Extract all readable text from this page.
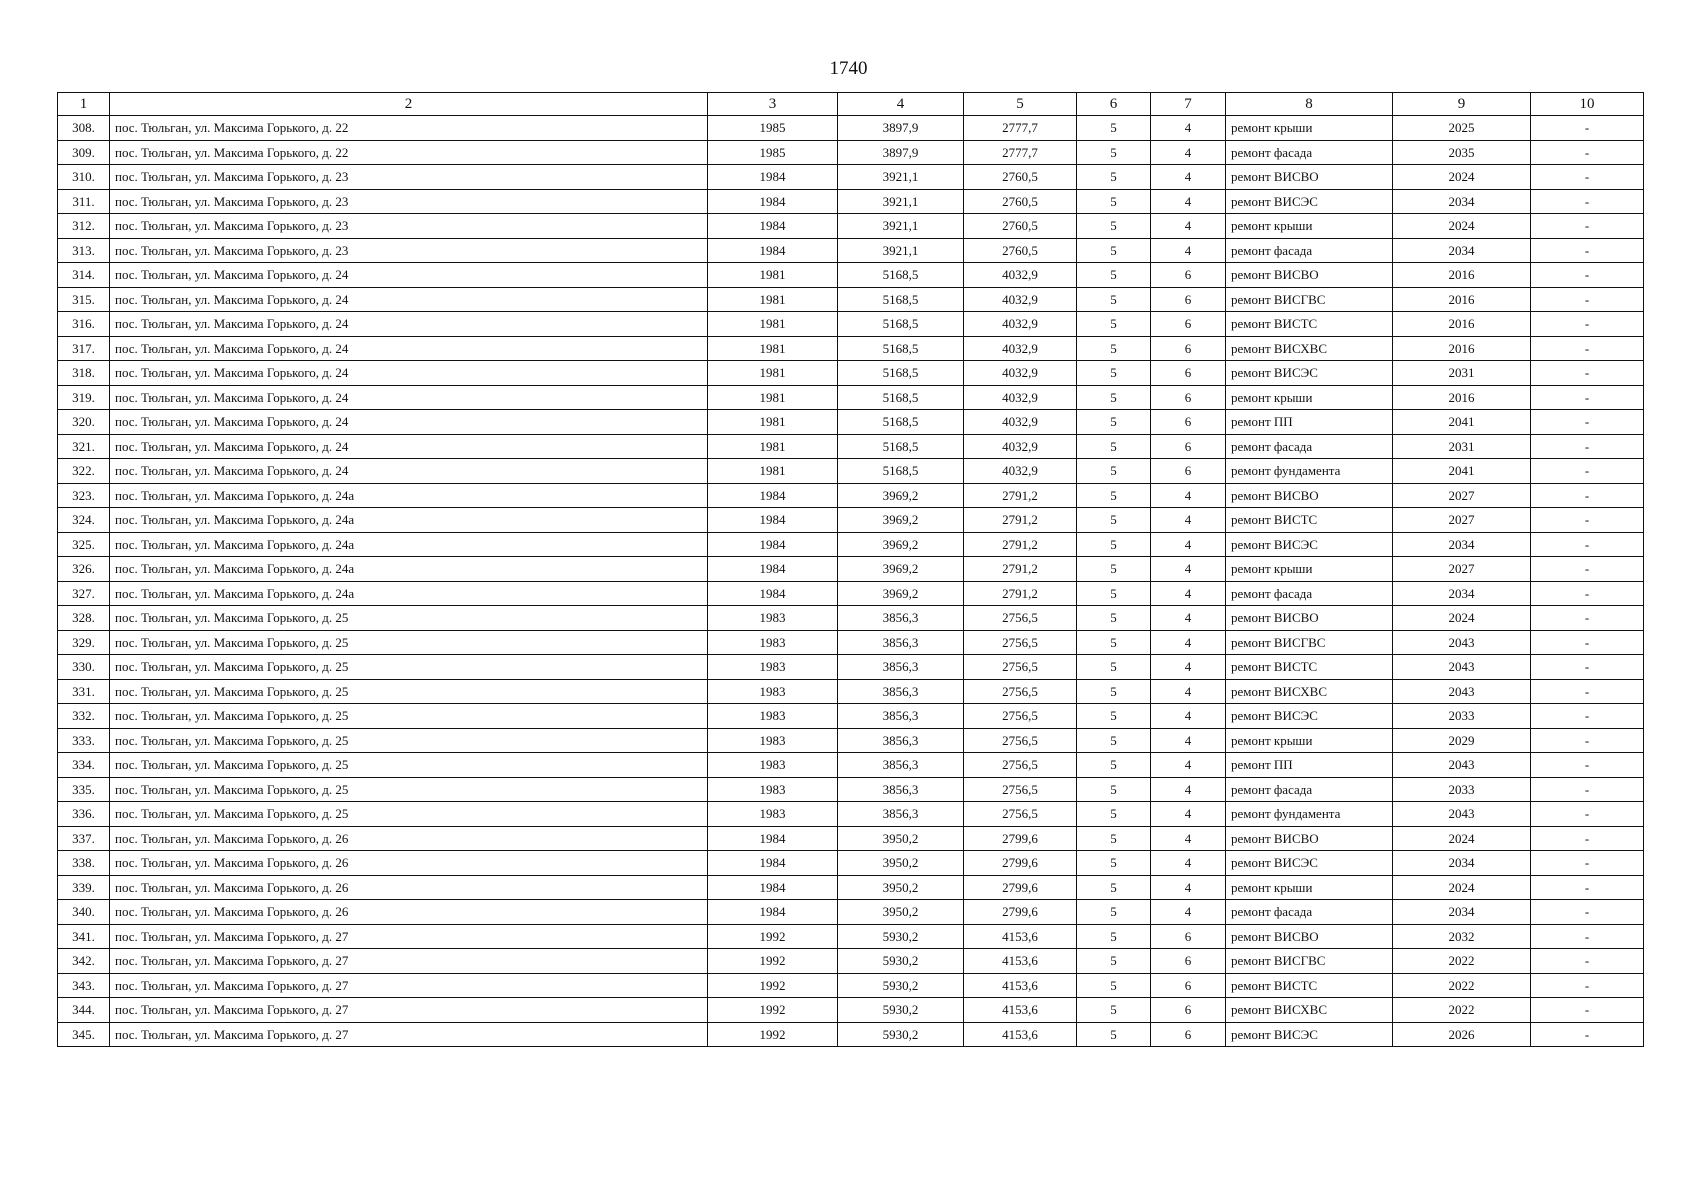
1740
1	2	3	4	5	6	7	8	9	10
308.	пос. Тюльган, ул. Максима Горького, д. 22	1985	3897,9	2777,7	5	4	ремонт крыши	2025	-
309.	пос. Тюльган, ул. Максима Горького, д. 22	1985	3897,9	2777,7	5	4	ремонт фасада	2035	-
310.	пос. Тюльган, ул. Максима Горького, д. 23	1984	3921,1	2760,5	5	4	ремонт ВИСВО	2024	-
311.	пос. Тюльган, ул. Максима Горького, д. 23	1984	3921,1	2760,5	5	4	ремонт ВИСЭС	2034	-
312.	пос. Тюльган, ул. Максима Горького, д. 23	1984	3921,1	2760,5	5	4	ремонт крыши	2024	-
313.	пос. Тюльган, ул. Максима Горького, д. 23	1984	3921,1	2760,5	5	4	ремонт фасада	2034	-
314.	пос. Тюльган, ул. Максима Горького, д. 24	1981	5168,5	4032,9	5	6	ремонт ВИСВО	2016	-
315.	пос. Тюльган, ул. Максима Горького, д. 24	1981	5168,5	4032,9	5	6	ремонт ВИСГВС	2016	-
316.	пос. Тюльган, ул. Максима Горького, д. 24	1981	5168,5	4032,9	5	6	ремонт ВИСТС	2016	-
317.	пос. Тюльган, ул. Максима Горького, д. 24	1981	5168,5	4032,9	5	6	ремонт ВИСХВС	2016	-
318.	пос. Тюльган, ул. Максима Горького, д. 24	1981	5168,5	4032,9	5	6	ремонт ВИСЭС	2031	-
319.	пос. Тюльган, ул. Максима Горького, д. 24	1981	5168,5	4032,9	5	6	ремонт крыши	2016	-
320.	пос. Тюльган, ул. Максима Горького, д. 24	1981	5168,5	4032,9	5	6	ремонт ПП	2041	-
321.	пос. Тюльган, ул. Максима Горького, д. 24	1981	5168,5	4032,9	5	6	ремонт фасада	2031	-
322.	пос. Тюльган, ул. Максима Горького, д. 24	1981	5168,5	4032,9	5	6	ремонт фундамента	2041	-
323.	пос. Тюльган, ул. Максима Горького, д. 24а	1984	3969,2	2791,2	5	4	ремонт ВИСВО	2027	-
324.	пос. Тюльган, ул. Максима Горького, д. 24а	1984	3969,2	2791,2	5	4	ремонт ВИСТС	2027	-
325.	пос. Тюльган, ул. Максима Горького, д. 24а	1984	3969,2	2791,2	5	4	ремонт ВИСЭС	2034	-
326.	пос. Тюльган, ул. Максима Горького, д. 24а	1984	3969,2	2791,2	5	4	ремонт крыши	2027	-
327.	пос. Тюльган, ул. Максима Горького, д. 24а	1984	3969,2	2791,2	5	4	ремонт фасада	2034	-
328.	пос. Тюльган, ул. Максима Горького, д. 25	1983	3856,3	2756,5	5	4	ремонт ВИСВО	2024	-
329.	пос. Тюльган, ул. Максима Горького, д. 25	1983	3856,3	2756,5	5	4	ремонт ВИСГВС	2043	-
330.	пос. Тюльган, ул. Максима Горького, д. 25	1983	3856,3	2756,5	5	4	ремонт ВИСТС	2043	-
331.	пос. Тюльган, ул. Максима Горького, д. 25	1983	3856,3	2756,5	5	4	ремонт ВИСХВС	2043	-
332.	пос. Тюльган, ул. Максима Горького, д. 25	1983	3856,3	2756,5	5	4	ремонт ВИСЭС	2033	-
333.	пос. Тюльган, ул. Максима Горького, д. 25	1983	3856,3	2756,5	5	4	ремонт крыши	2029	-
334.	пос. Тюльган, ул. Максима Горького, д. 25	1983	3856,3	2756,5	5	4	ремонт ПП	2043	-
335.	пос. Тюльган, ул. Максима Горького, д. 25	1983	3856,3	2756,5	5	4	ремонт фасада	2033	-
336.	пос. Тюльган, ул. Максима Горького, д. 25	1983	3856,3	2756,5	5	4	ремонт фундамента	2043	-
337.	пос. Тюльган, ул. Максима Горького, д. 26	1984	3950,2	2799,6	5	4	ремонт ВИСВО	2024	-
338.	пос. Тюльган, ул. Максима Горького, д. 26	1984	3950,2	2799,6	5	4	ремонт ВИСЭС	2034	-
339.	пос. Тюльган, ул. Максима Горького, д. 26	1984	3950,2	2799,6	5	4	ремонт крыши	2024	-
340.	пос. Тюльган, ул. Максима Горького, д. 26	1984	3950,2	2799,6	5	4	ремонт фасада	2034	-
341.	пос. Тюльган, ул. Максима Горького, д. 27	1992	5930,2	4153,6	5	6	ремонт ВИСВО	2032	-
342.	пос. Тюльган, ул. Максима Горького, д. 27	1992	5930,2	4153,6	5	6	ремонт ВИСГВС	2022	-
343.	пос. Тюльган, ул. Максима Горького, д. 27	1992	5930,2	4153,6	5	6	ремонт ВИСТС	2022	-
344.	пос. Тюльган, ул. Максима Горького, д. 27	1992	5930,2	4153,6	5	6	ремонт ВИСХВС	2022	-
345.	пос. Тюльган, ул. Максима Горького, д. 27	1992	5930,2	4153,6	5	6	ремонт ВИСЭС	2026	-
